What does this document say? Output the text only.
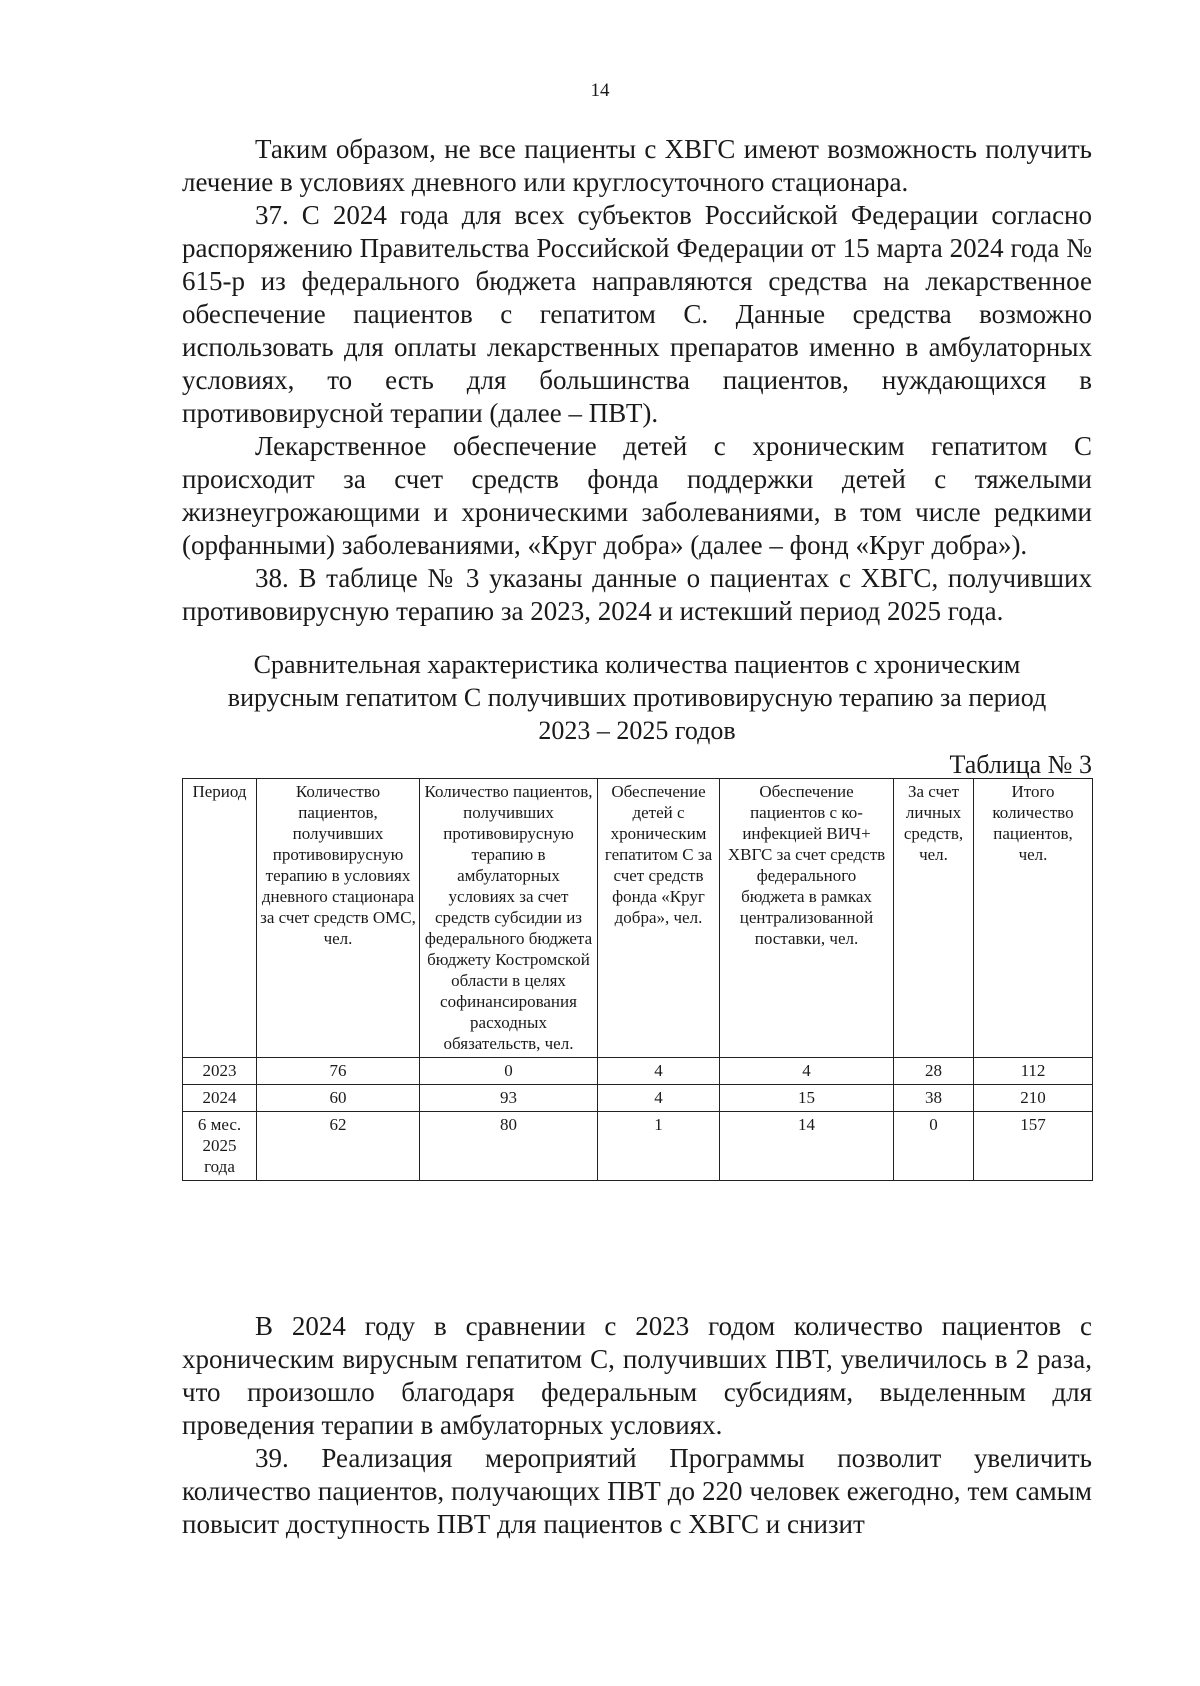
14

Таким образом, не все пациенты с ХВГС имеют возможность получить лечение в условиях дневного или круглосуточного стационара.

37. С 2024 года для всех субъектов Российской Федерации согласно распоряжению Правительства Российской Федерации от 15 марта 2024 года № 615-р из федерального бюджета направляются средства на лекарственное обеспечение пациентов с гепатитом С. Данные средства возможно использовать для оплаты лекарственных препаратов именно в амбулаторных условиях, то есть для большинства пациентов, нуждающихся в противовирусной терапии (далее – ПВТ).

Лекарственное обеспечение детей с хроническим гепатитом С происходит за счет средств фонда поддержки детей с тяжелыми жизнеугрожающими и хроническими заболеваниями, в том числе редкими (орфанными) заболеваниями, «Круг добра» (далее – фонд «Круг добра»).

38. В таблице № 3 указаны данные о пациентах с ХВГС, получивших противовирусную терапию за 2023, 2024 и истекший период 2025 года.

Сравнительная характеристика количества пациентов с хроническим
вирусным гепатитом С получивших противовирусную терапию за период
2023 – 2025 годов
Таблица № 3
Период	Количество пациентов, получивших противовирусную терапию в условиях дневного стационара за счет средств ОМС, чел.	Количество пациентов, получивших противовирусную терапию в амбулаторных условиях за счет средств субсидии из федерального бюджета бюджету Костромской области в целях софинансирования расходных обязательств, чел.	Обеспечение детей с хроническим гепатитом С за счет средств фонда «Круг добра», чел.	Обеспечение пациентов с ко-инфекцией ВИЧ+ ХВГС за счет средств федерального бюджета в рамках централизованной поставки, чел.	За счет личных средств, чел.	Итого количество пациентов, чел.
2023	76	0	4	4	28	112
2024	60	93	4	15	38	210
6 мес. 2025 года	62	80	1	14	0	157

В 2024 году в сравнении с 2023 годом количество пациентов с хроническим вирусным гепатитом С, получивших ПВТ, увеличилось в 2 раза, что произошло благодаря федеральным субсидиям, выделенным для проведения терапии в амбулаторных условиях.

39. Реализация мероприятий Программы позволит увеличить количество пациентов, получающих ПВТ до 220 человек ежегодно, тем самым повысит доступность ПВТ для пациентов с ХВГС и снизит
